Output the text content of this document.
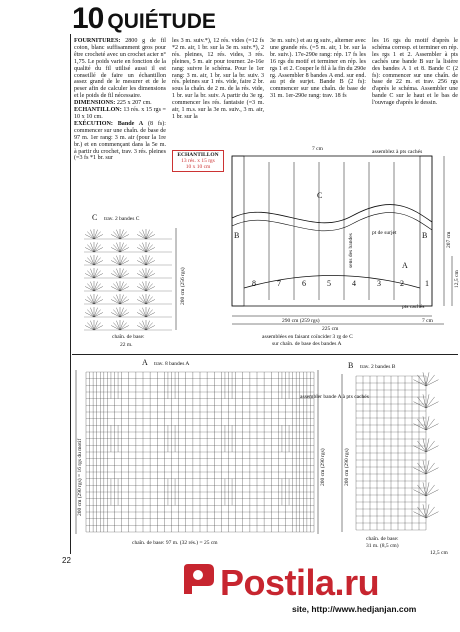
10 QUIÉTUDE
FOURNITURES: 2800 g de fil coton, blanc suffisamment gros pour être crocheté avec un crochet acier n° 1,75. Le poids varie en fonction de la qualité du fil utilisé aussi il est conseillé de faire un échantillon assez grand de le mesurer et de le peser afin de calculer les dimensions et le poids de fil nécessaire.
DIMENSIONS: 225 x 207 cm.
ECHANTILLON: 13 rés. x 15 rgs = 10 x 10 cm.
EXÉCUTION: Bande A (8 fs): commencer sur une chaîn. de base de 97 m. 1er rang: 3 m. air (pour la 1re br.) et en commençant dans la 5e m. à partir du crochet, trav. 3 rés. pleines (=3 fs *1 br. sur
les 3 m. suiv.*), 12 rés. vides (=12 fs *2 m. air, 1 br. sur la 3e m. suiv.*), 2 rés. pleines, 12 rés. vides, 3 rés. pleines, 5 m. air pour tourner. 2e-16e rang: suivre le schéma. Pour le 1er rang: 3 m. air, 1 br. sur la br. suiv. 3 rés. pleines sur 1 rés. vide, faire 2 br. sous la chaîn. de 2 m. de la rés. vide, 1 br. sur la br. suiv. A partir du 3e rg. commencer les rés. fantaisie (=3 m. air, 1 m.s. sur la 3e m. suiv., 3 m. air, 1 br. sur la
3e m. suiv.) et au rg suiv., alterner avec une grande rés. (=5 m. air, 1 br. sur la br. suiv.). 17e-290e rang: rép. 17 fs les 16 rgs du motif et terminer en rép. les rgs 1 et 2. Couper le fil à la fin du 290e rg. Assembler 8 bandes A end. sur end. au pt de surjet. Bande B (2 fs): commencer sur une chaîn. de base de 31 m. 1er-290e rang: trav. 18 fs
les 16 rgs du motif d'après le schéma corresp. et terminer en rép. les rgs 1 et 2. Assembler à pts cachés une bande B sur la lisière des bandes A 1 et 8. Bande C (2 fs): commencer sur une chaîn. de base de 22 m. et trav. 256 rgs d'après le schéma. Assembler une bande C sur le haut et le bas de l'ouvrage d'après le dessin.
ECHANTILLON
13 rés. x 15 rgs
10 x 10 cm
7 cm	assemblez à pts cachés
B	B
C
A
8	7	6	5	4	3 2	1
207 cm
12,5 cm
pt de surjet
sens des bandes
pts cachés
290 cm (259 rgs)
225 cm
7 cm
assemblées en faisant coïncider 3 rg de C
sur chaîn. de base des bandes A
C trav. 2 bandes C
200 cm (256 rgs)
chaîn. de base:
22 m.
A trav. 8 bandes A
200 cm (290 rgs) = 16 rgs du motif	200 cm (290 rgs)
chaîn. de base: 97 m. (32 rés.) = 25 cm
assembler bande A à pts cachés
B trav. 2 bandes B
200 cm (290 rgs)
chaîn. de base:
31 m. (8,5 cm)
12,5 cm
22
Postila.ru
site, http://www.hedjanjan.com
